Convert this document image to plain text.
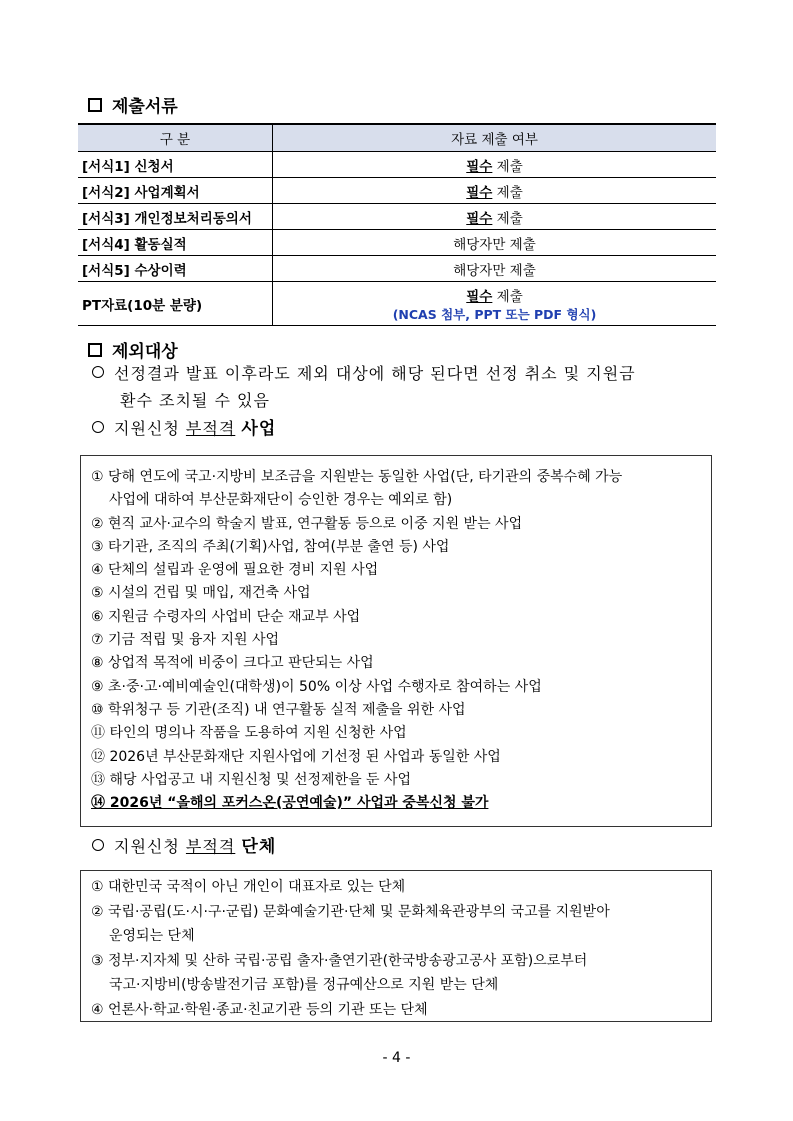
제출서류
구 분	자료 제출 여부
[서식1] 신청서	필수 제출
[서식2] 사업계획서	필수 제출
[서식3] 개인정보처리동의서	필수 제출
[서식4] 활동실적	해당자만 제출
[서식5] 수상이력	해당자만 제출
PT자료(10분 분량)	필수 제출
(NCAS 첨부, PPT 또는 PDF 형식)
제외대상
선정결과 발표 이후라도 제외 대상에 해당 된다면 선정 취소 및 지원금
환수 조치될 수 있음
지원신청 부적격 사업
① 당해 연도에 국고·지방비 보조금을 지원받는 동일한 사업(단, 타기관의 중복수혜 가능
사업에 대하여 부산문화재단이 승인한 경우는 예외로 함)
② 현직 교사·교수의 학술지 발표, 연구활동 등으로 이중 지원 받는 사업
③ 타기관, 조직의 주최(기획)사업, 참여(부분 출연 등) 사업
④ 단체의 설립과 운영에 필요한 경비 지원 사업
⑤ 시설의 건립 및 매입, 재건축 사업
⑥ 지원금 수령자의 사업비 단순 재교부 사업
⑦ 기금 적립 및 융자 지원 사업
⑧ 상업적 목적에 비중이 크다고 판단되는 사업
⑨ 초·중·고·예비예술인(대학생)이 50% 이상 사업 수행자로 참여하는 사업
⑩ 학위청구 등 기관(조직) 내 연구활동 실적 제출을 위한 사업
⑪ 타인의 명의나 작품을 도용하여 지원 신청한 사업
⑫ 2026년 부산문화재단 지원사업에 기선정 된 사업과 동일한 사업
⑬ 해당 사업공고 내 지원신청 및 선정제한을 둔 사업
⑭ 2026년 “올해의 포커스온(공연예술)” 사업과 중복신청 불가
지원신청 부적격 단체
① 대한민국 국적이 아닌 개인이 대표자로 있는 단체
② 국립·공립(도·시·구·군립) 문화예술기관·단체 및 문화체육관광부의 국고를 지원받아
운영되는 단체
③ 정부·지자체 및 산하 국립·공립 출자·출연기관(한국방송광고공사 포함)으로부터
국고·지방비(방송발전기금 포함)를 정규예산으로 지원 받는 단체
④ 언론사·학교·학원·종교·친교기관 등의 기관 또는 단체
- 4 -
